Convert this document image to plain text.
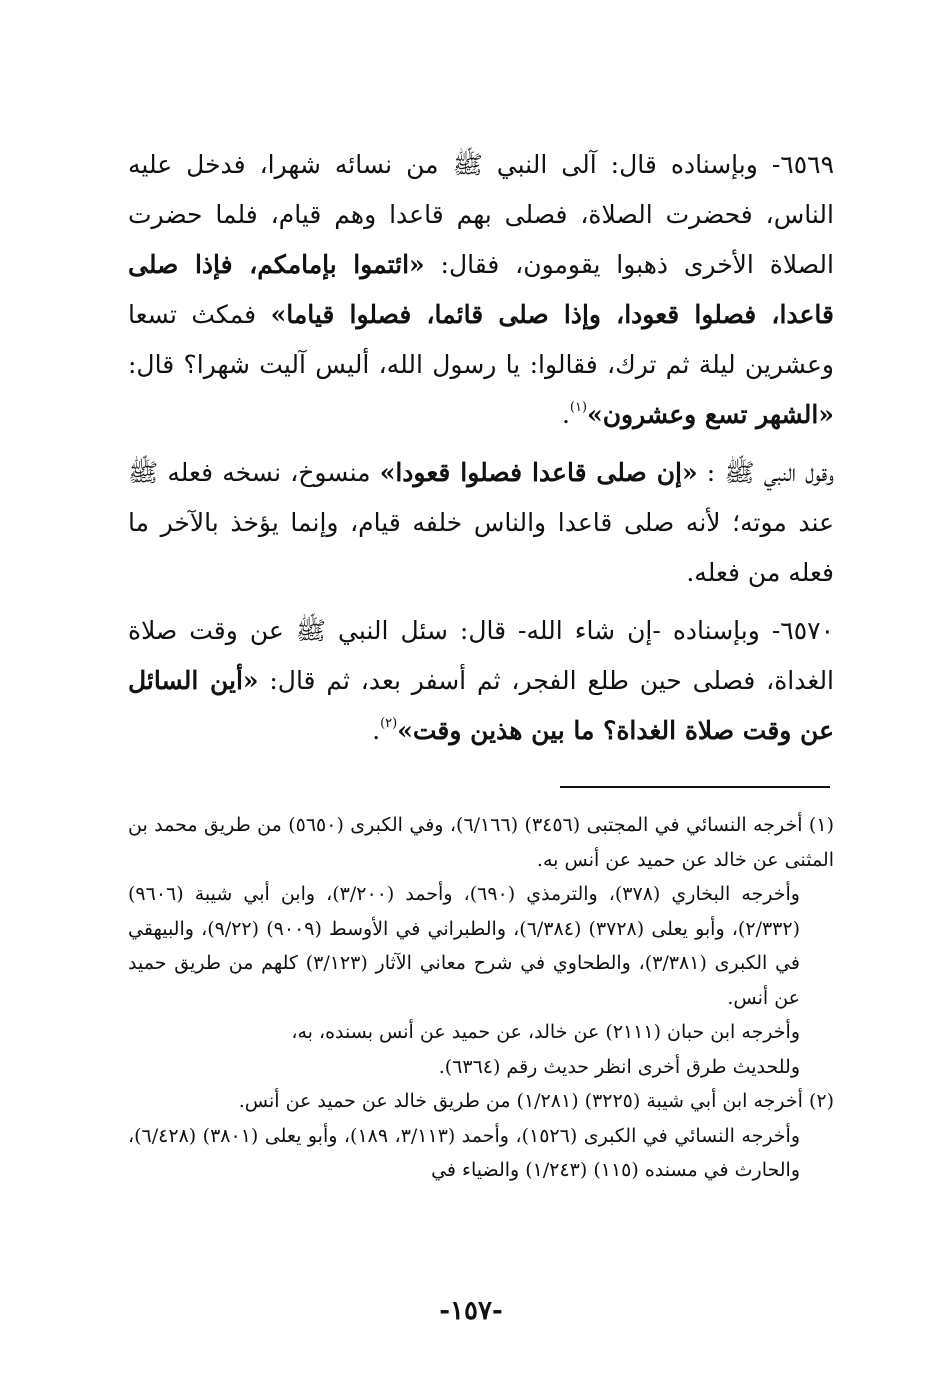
٦٥٦٩- وبإسناده قال: آلى النبي ﷺ من نسائه شهرا، فدخل عليه الناس، فحضرت الصلاة، فصلى بهم قاعدا وهم قيام، فلما حضرت الصلاة الأخرى ذهبوا يقومون، فقال: «ائتموا بإمامكم، فإذا صلى قاعدا، فصلوا قعودا، وإذا صلى قائما، فصلوا قياما» فمكث تسعا وعشرين ليلة ثم ترك، فقالوا: يا رسول الله، أليس آليت شهرا؟ قال: «الشهر تسع وعشرون»$^{(١)}$.

وقول النبي ﷺ : «إن صلى قاعدا فصلوا قعودا» منسوخ، نسخه فعله ﷺ عند موته؛ لأنه صلى قاعدا والناس خلفه قيام، وإنما يؤخذ بالآخر ما فعله من فعله.

٦٥٧٠- وبإسناده -إن شاء الله- قال: سئل النبي ﷺ عن وقت صلاة الغداة، فصلى حين طلع الفجر، ثم أسفر بعد، ثم قال: «أين السائل عن وقت صلاة الغداة؟ ما بين هذين وقت»$^{(٢)}$.

(١) أخرجه النسائي في المجتبى (٣٤٥٦) (٦/١٦٦)، وفي الكبرى (٥٦٥٠) من طريق محمد بن المثنى عن خالد عن حميد عن أنس به.

وأخرجه البخاري (٣٧٨)، والترمذي (٦٩٠)، وأحمد (٣/٢٠٠)، وابن أبي شيبة (٩٦٠٦) (٢/٣٣٢)، وأبو يعلى (٣٧٢٨) (٦/٣٨٤)، والطبراني في الأوسط (٩٠٠٩) (٩/٢٢)، والبيهقي في الكبرى (٣/٣٨١)، والطحاوي في شرح معاني الآثار (٣/١٢٣) كلهم من طريق حميد عن أنس.

وأخرجه ابن حبان (٢١١١) عن خالد، عن حميد عن أنس بسنده، به،

وللحديث طرق أخرى انظر حديث رقم (٦٣٦٤).

(٢) أخرجه ابن أبي شيبة (٣٢٢٥) (١/٢٨١) من طريق خالد عن حميد عن أنس.

وأخرجه النسائي في الكبرى (١٥٢٦)، وأحمد (٣/١١٣، ١٨٩)، وأبو يعلى (٣٨٠١) (٦/٤٢٨)، والحارث في مسنده (١١٥) (١/٢٤٣) والضياء في

-١٥٧-
